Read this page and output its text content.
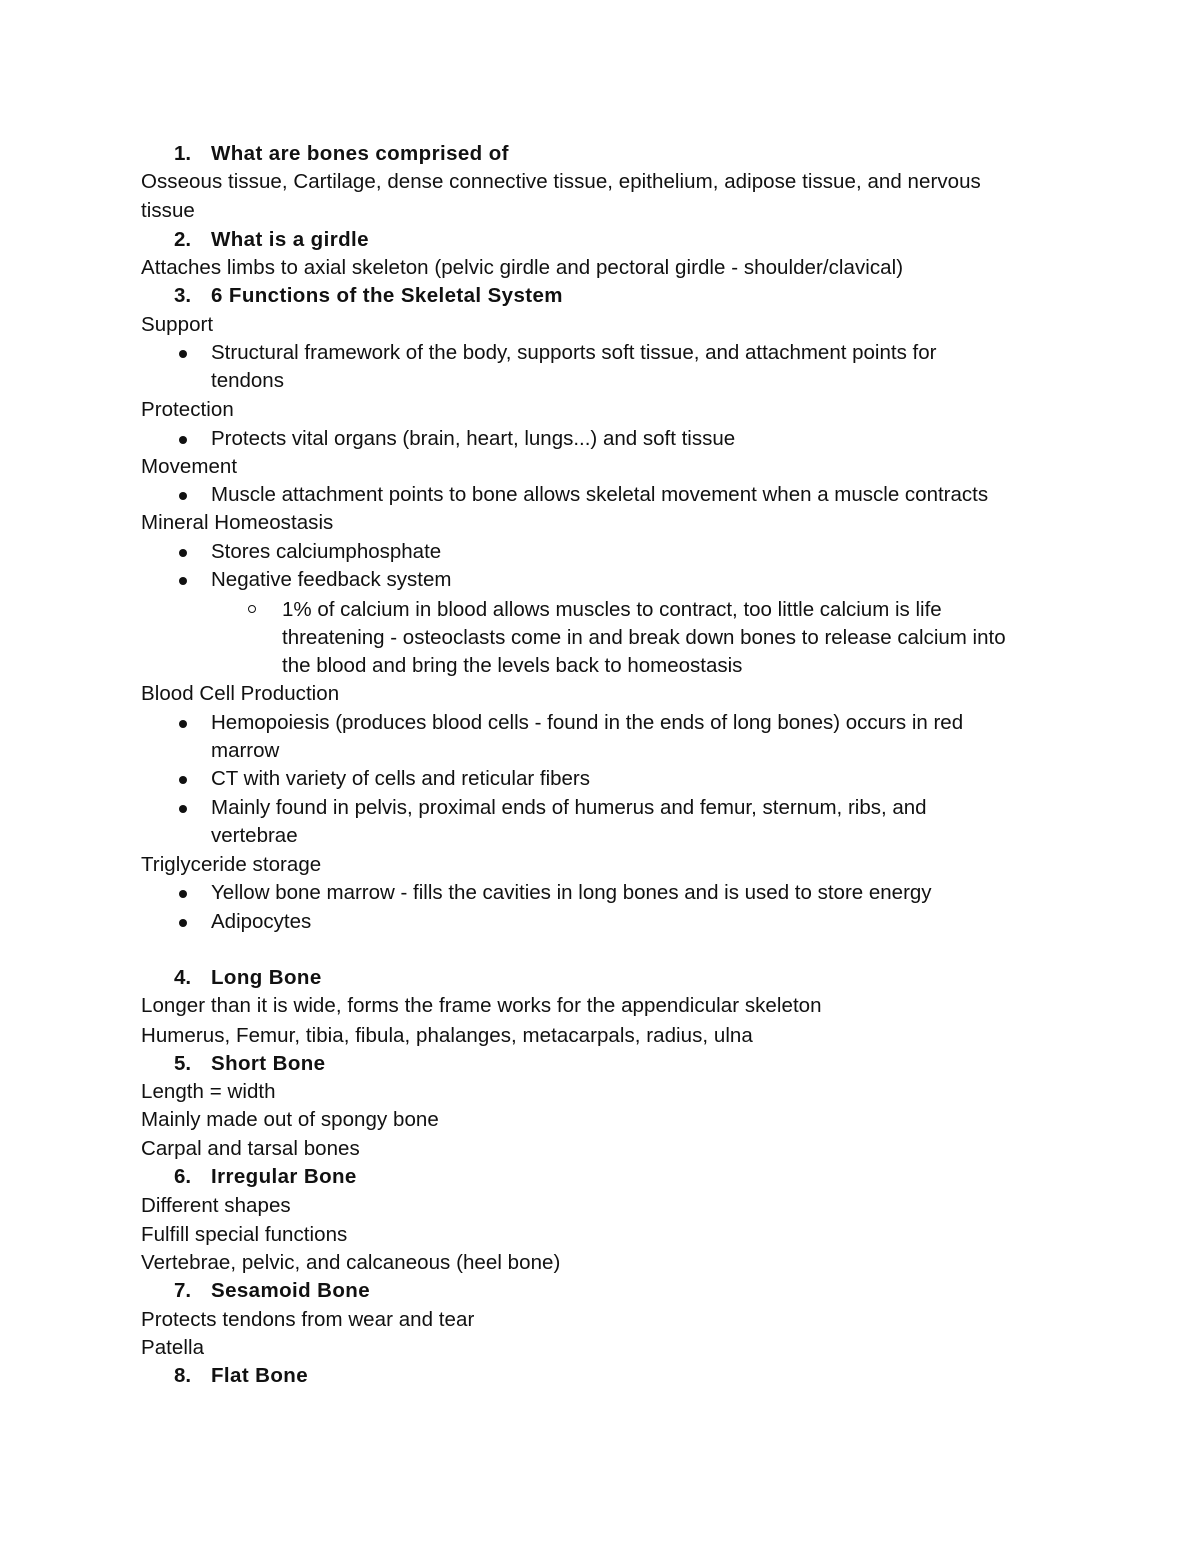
1. What are bones comprised of
Osseous tissue, Cartilage, dense connective tissue, epithelium, adipose tissue, and nervous
tissue
2. What is a girdle
Attaches limbs to axial skeleton (pelvic girdle and pectoral girdle - shoulder/clavical)
3. 6 Functions of the Skeletal System
Support
Structural framework of the body, supports soft tissue, and attachment points for
tendons
Protection
Protects vital organs (brain, heart, lungs...) and soft tissue
Movement
Muscle attachment points to bone allows skeletal movement when a muscle contracts
Mineral Homeostasis
Stores calciumphosphate
Negative feedback system
1% of calcium in blood allows muscles to contract, too little calcium is life
threatening - osteoclasts come in and break down bones to release calcium into
the blood and bring the levels back to homeostasis
Blood Cell Production
Hemopoiesis (produces blood cells - found in the ends of long bones) occurs in red
marrow
CT with variety of cells and reticular fibers
Mainly found in pelvis, proximal ends of humerus and femur, sternum, ribs, and
vertebrae
Triglyceride storage
Yellow bone marrow - fills the cavities in long bones and is used to store energy
Adipocytes
4. Long Bone
Longer than it is wide, forms the frame works for the appendicular skeleton
Humerus, Femur, tibia, fibula, phalanges, metacarpals, radius, ulna
5. Short Bone
Length = width
Mainly made out of spongy bone
Carpal and tarsal bones
6. Irregular Bone
Different shapes
Fulfill special functions
Vertebrae, pelvic, and calcaneous (heel bone)
7. Sesamoid Bone
Protects tendons from wear and tear
Patella
8. Flat Bone
